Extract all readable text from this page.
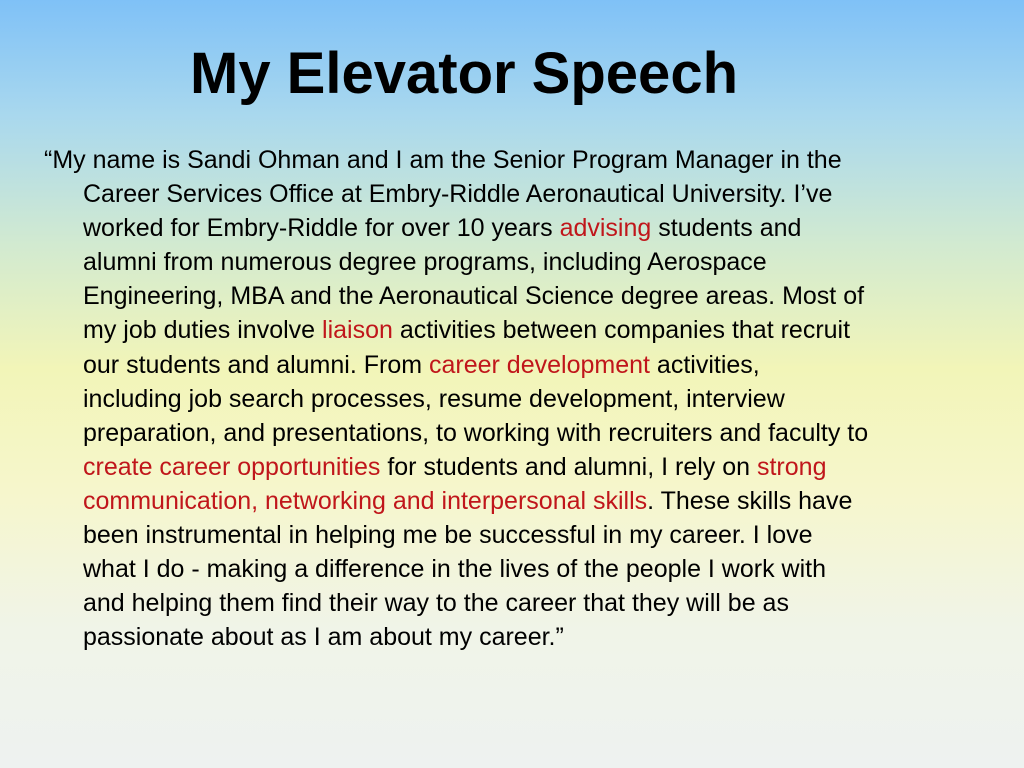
My Elevator Speech
“My name is Sandi Ohman and I am the Senior Program Manager in the
Career Services Office at Embry-Riddle Aeronautical University. I’ve
worked for Embry-Riddle for over 10 years advising students and
alumni from numerous degree programs, including Aerospace
Engineering, MBA and the Aeronautical Science degree areas. Most of
my job duties involve liaison activities between companies that recruit
our students and alumni. From career development activities,
including job search processes, resume development, interview
preparation, and presentations, to working with recruiters and faculty to
create career opportunities for students and alumni, I rely on strong
communication, networking and interpersonal skills. These skills have
been instrumental in helping me be successful in my career. I love
what I do - making a difference in the lives of the people I work with
and helping them find their way to the career that they will be as
passionate about as I am about my career.”
